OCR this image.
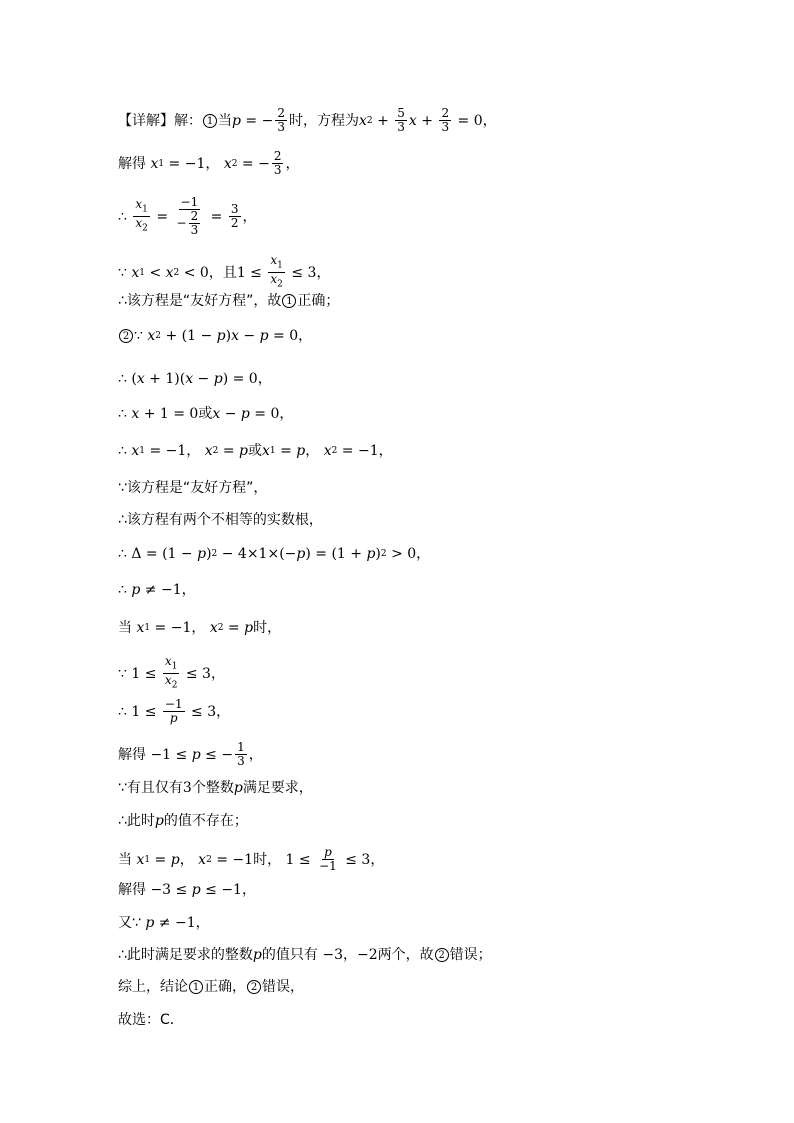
【详解】解： 1 当 p = − $\frac{2}{3}$ 时，方程为 x $2 + \frac{5}{3}$ $x + \frac{2}{3} = 0$ ，
解得
x 1 = −1 ，
x 2 = − $\frac{2}{3}$ ，
∴ $\frac{x_1}{x_2} = \frac{-1}{- \frac{2}{3}} = \frac{3}{2}$ ，
∵ x 1 < x 2 < 0 ，且 $1 \le \frac{x_1}{x_2} \le 3$ ，
∴该方程是“友好方程”，故 1 正确；
2 ∵ x 2 + (1 − p ) x − p = 0 ，
∴ ( x + 1)( x − p ) = 0 ，
∴ x + 1 = 0 或 x − p = 0 ，
∴ x 1 = −1 ，
x 2 = p 或 x 1 = p ，
x 2 = −1 ，
∵该方程是“友好方程”，
∴该方程有两个不相等的实数根，
∴ Δ = (1 − p ) 2 − 4×1×(− p ) = (1 + p ) 2 > 0 ，
∴ p ≠ −1 ，
当
x 1 = −1 ，
x 2 = p 时，
∵ $1 \le \frac{x_1}{x_2} \le 3$ ，
∴ $1 \le \frac{-1}{p} \le 3$ ，
解得 −1 ≤ p ≤ − $\frac{1}{3}$ ，
∵有且仅有 3 个整数 p 满足要求，
∴此时 p 的值不存在；
当
x 1 = p ，
x 2 = −1 时， $1 \le \frac{p}{-1} \le 3$ ，
解得 −3 ≤ p ≤ −1 ，
又∵
p ≠ −1 ，
∴此时满足要求的整数 p 的值只有 −3 ， −2 两个，故 2 错误；
综上，结论 1 正确， 2 错误，
故选：C．
